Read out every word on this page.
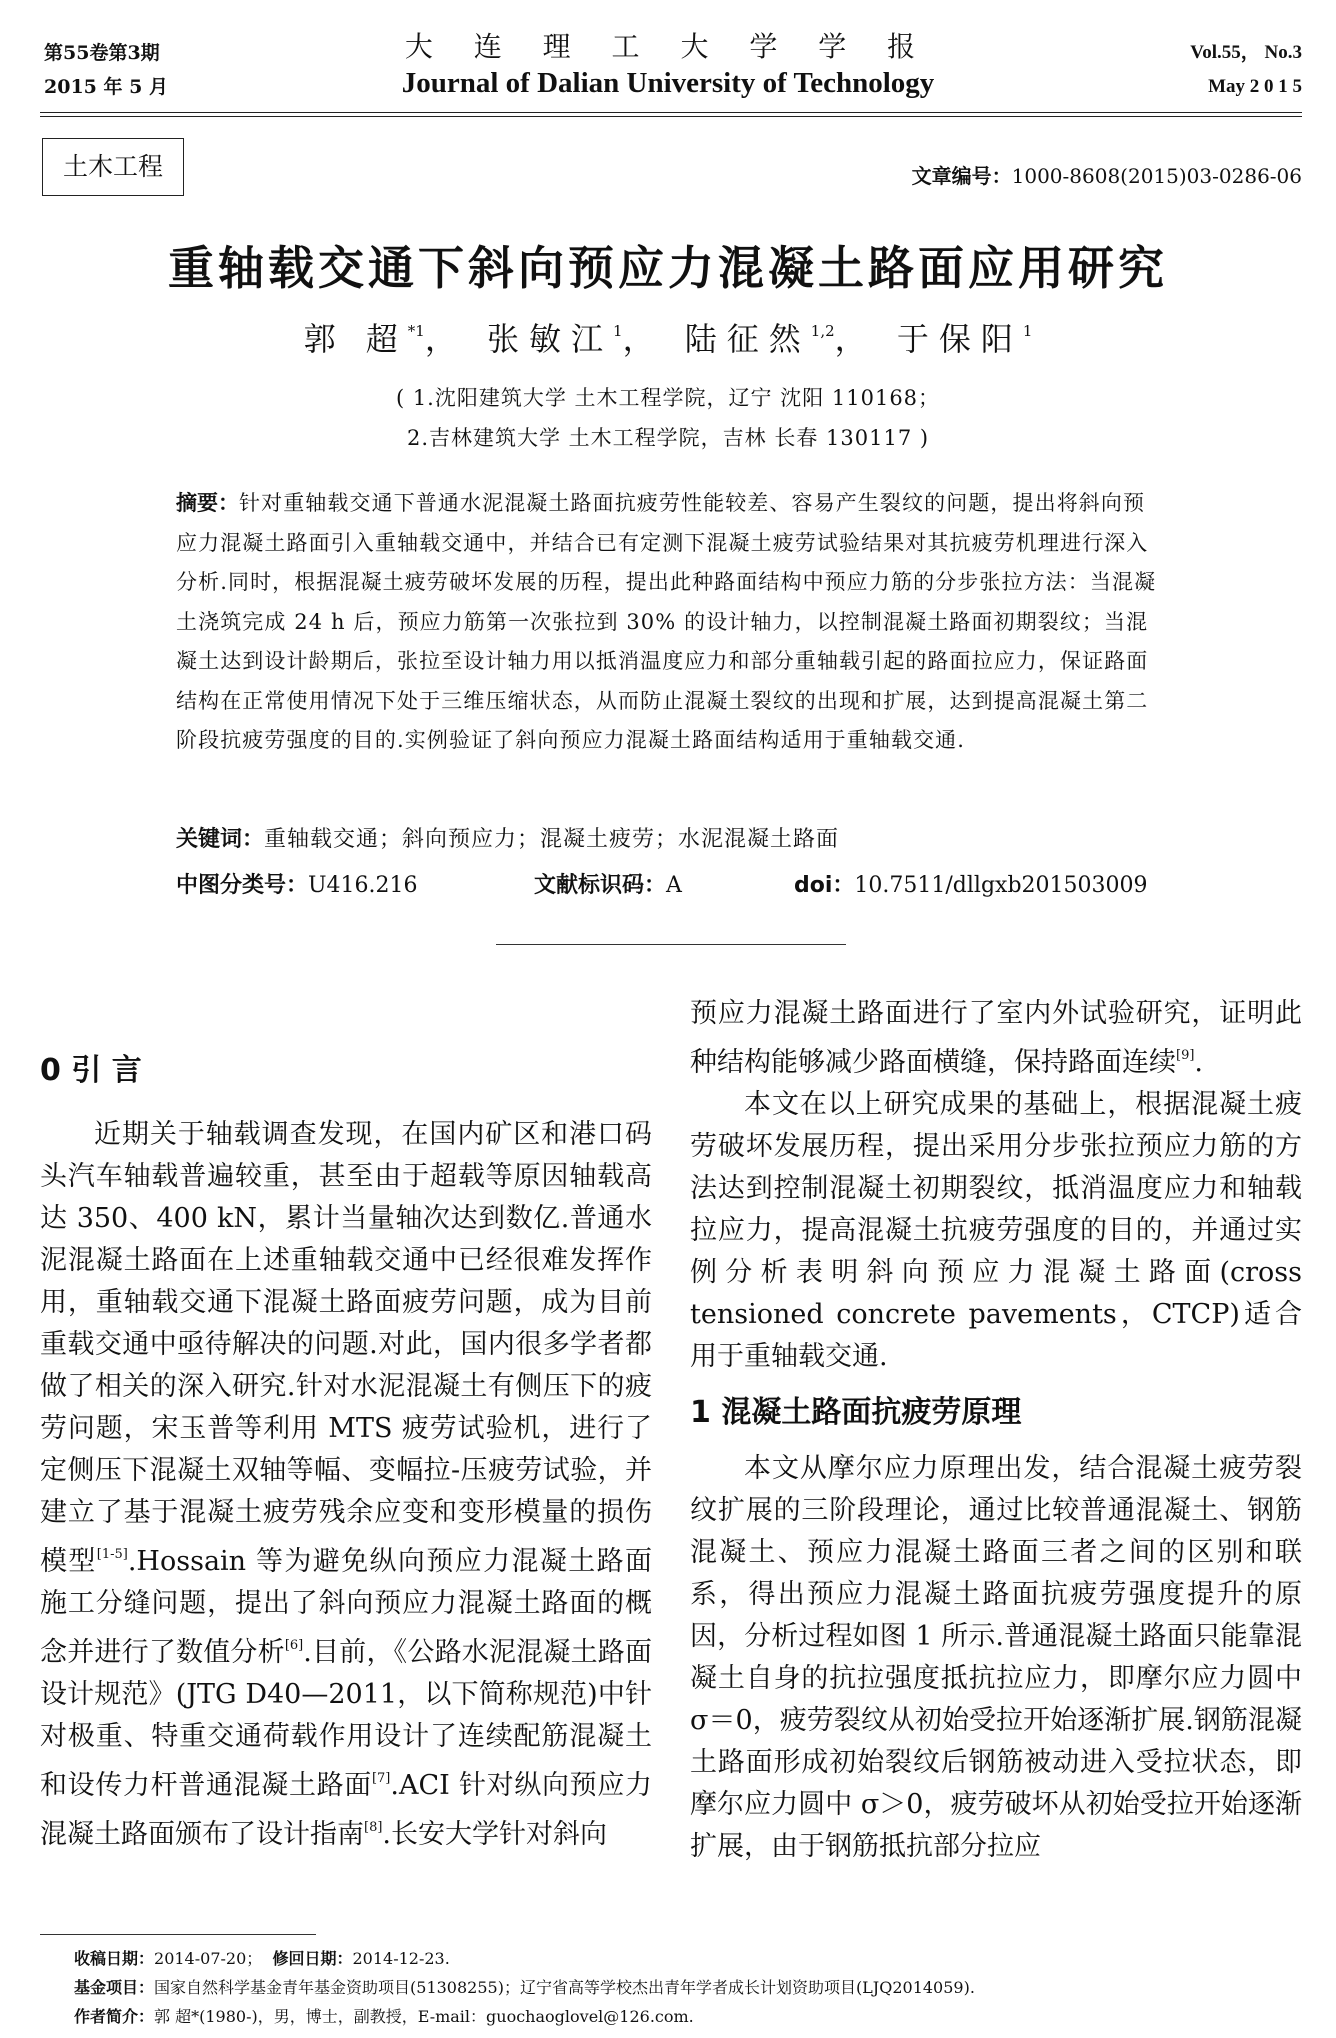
第55卷第3期
2015 年 5 月
大 连 理 工 大 学 学 报
Journal of Dalian University of Technology
Vol.55， No.3
May 2 0 1 5
土木工程	文章编号：1000-8608(2015)03-0286-06
重轴载交通下斜向预应力混凝土路面应用研究
郭 超$^{*1}$， 张敏江$^1$， 陆征然$^{1,2}$， 于保阳$^1$
( 1.沈阳建筑大学 土木工程学院，辽宁 沈阳 110168；
2.吉林建筑大学 土木工程学院，吉林 长春 130117 )
摘要：针对重轴载交通下普通水泥混凝土路面抗疲劳性能较差、容易产生裂纹的问题，提出将斜向预应力混凝土路面引入重轴载交通中，并结合已有定测下混凝土疲劳试验结果对其抗疲劳机理进行深入分析.同时，根据混凝土疲劳破坏发展的历程，提出此种路面结构中预应力筋的分步张拉方法：当混凝土浇筑完成 24 h 后，预应力筋第一次张拉到 30% 的设计轴力，以控制混凝土路面初期裂纹；当混凝土达到设计龄期后，张拉至设计轴力用以抵消温度应力和部分重轴载引起的路面拉应力，保证路面结构在正常使用情况下处于三维压缩状态，从而防止混凝土裂纹的出现和扩展，达到提高混凝土第二阶段抗疲劳强度的目的.实例验证了斜向预应力混凝土路面结构适用于重轴载交通.
关键词：重轴载交通；斜向预应力；混凝土疲劳；水泥混凝土路面
中图分类号：U416.216	文献标识码：A	doi：10.7511/dllgxb201503009

0 引 言

近期关于轴载调查发现，在国内矿区和港口码头汽车轴载普遍较重，甚至由于超载等原因轴载高达 350、400 kN，累计当量轴次达到数亿.普通水泥混凝土路面在上述重轴载交通中已经很难发挥作用，重轴载交通下混凝土路面疲劳问题，成为目前重载交通中亟待解决的问题.对此，国内很多学者都做了相关的深入研究.针对水泥混凝土有侧压下的疲劳问题，宋玉普等利用 MTS 疲劳试验机，进行了定侧压下混凝土双轴等幅、变幅拉-压疲劳试验，并建立了基于混凝土疲劳残余应变和变形模量的损伤模型[1-5].Hossain 等为避免纵向预应力混凝土路面施工分缝问题，提出了斜向预应力混凝土路面的概念并进行了数值分析[6].目前，《公路水泥混凝土路面设计规范》(JTG D40—2011，以下简称规范)中针对极重、特重交通荷载作用设计了连续配筋混凝土和设传力杆普通混凝土路面[7].ACI 针对纵向预应力混凝土路面颁布了设计指南[8].长安大学针对斜向

预应力混凝土路面进行了室内外试验研究，证明此种结构能够减少路面横缝，保持路面连续[9].

本文在以上研究成果的基础上，根据混凝土疲劳破坏发展历程，提出采用分步张拉预应力筋的方法达到控制混凝土初期裂纹，抵消温度应力和轴载拉应力，提高混凝土抗疲劳强度的目的，并通过实例分析表明斜向预应力混凝土路面(cross tensioned concrete pavements，CTCP)适合用于重轴载交通.

1 混凝土路面抗疲劳原理

本文从摩尔应力原理出发，结合混凝土疲劳裂纹扩展的三阶段理论，通过比较普通混凝土、钢筋混凝土、预应力混凝土路面三者之间的区别和联系，得出预应力混凝土路面抗疲劳强度提升的原因，分析过程如图 1 所示.普通混凝土路面只能靠混凝土自身的抗拉强度抵抗拉应力，即摩尔应力圆中 σ＝0，疲劳裂纹从初始受拉开始逐渐扩展.钢筋混凝土路面形成初始裂纹后钢筋被动进入受拉状态，即摩尔应力圆中 σ＞0，疲劳破坏从初始受拉开始逐渐扩展，由于钢筋抵抗部分拉应

收稿日期：2014-07-20； 修回日期：2014-12-23.
基金项目：国家自然科学基金青年基金资助项目(51308255)；辽宁省高等学校杰出青年学者成长计划资助项目(LJQ2014059).
作者简介：郭 超*(1980-)，男，博士，副教授，E-mail：guochaoglovel@126.com.
